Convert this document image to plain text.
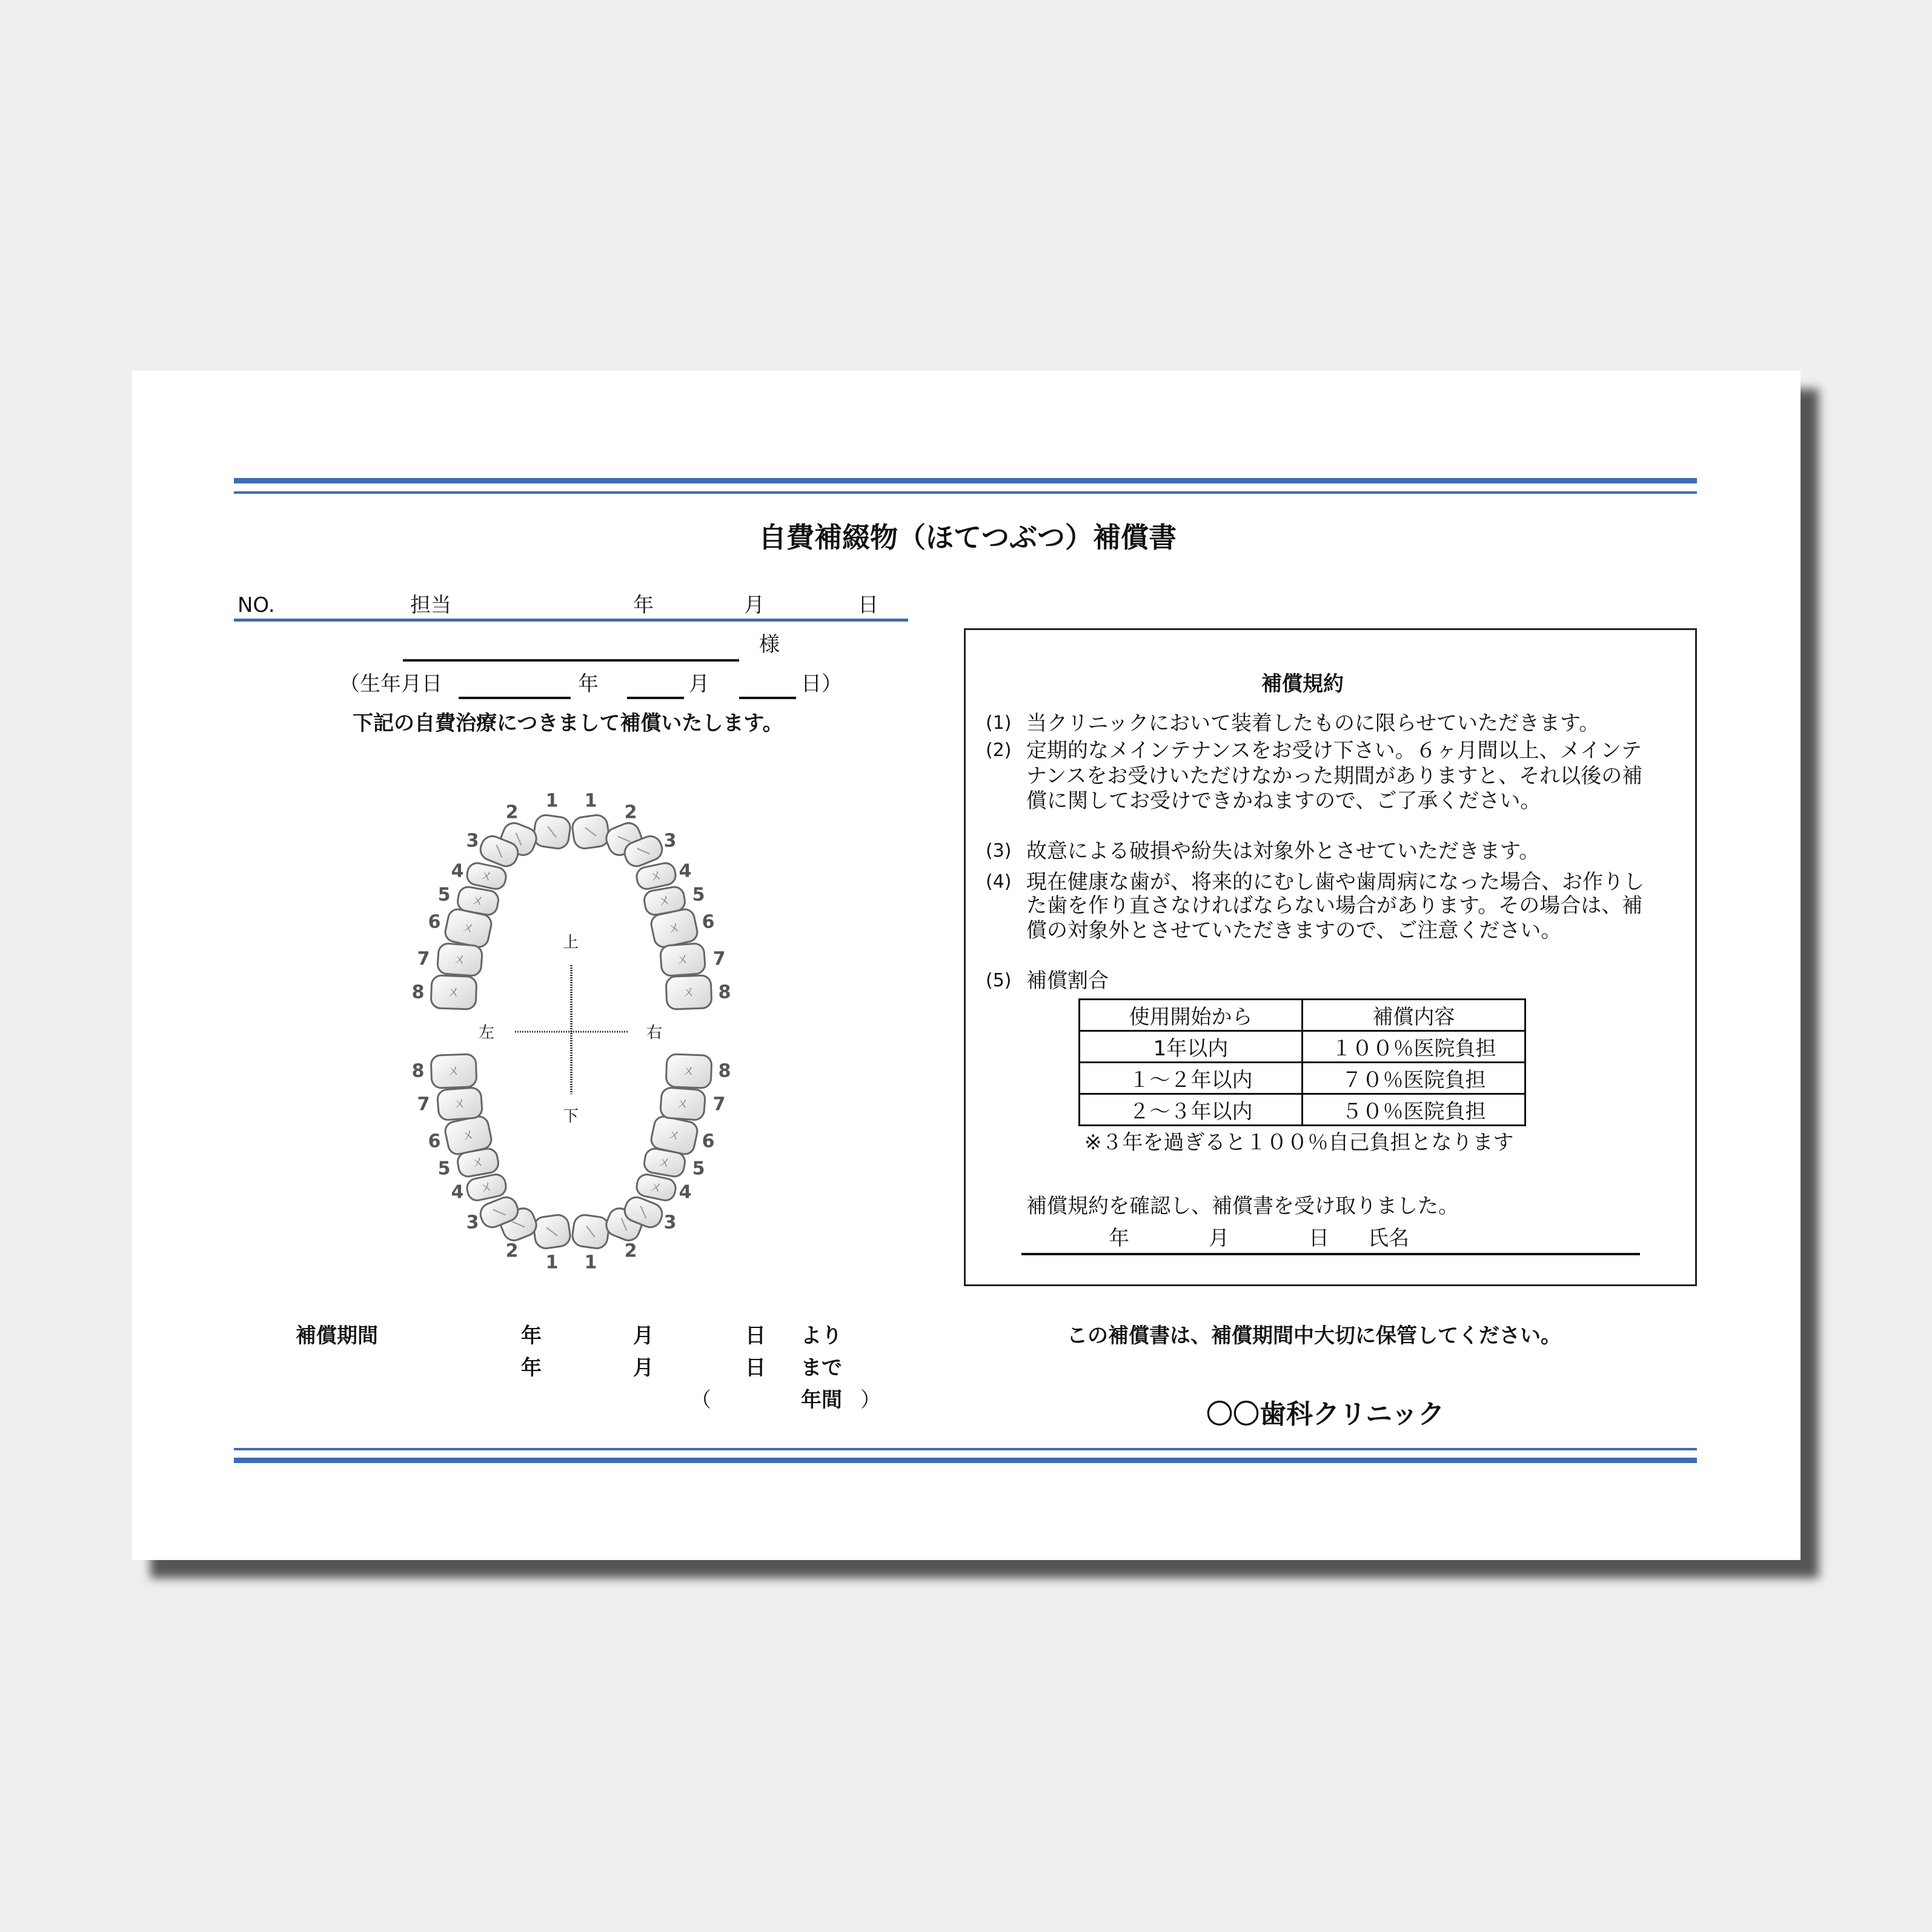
自費補綴物（ほてつぶつ）補償書
NO.	担当	年	月	日
様
（生年月日	年	月	日）
下記の自費治療につきまして補償いたします。
1
2
3
ㄨ
4
ㄨ
5
ㄨ
6
ㄨ
7
ㄨ
8
1
2
3
ㄨ 4
ㄨ 5
ㄨ 6
ㄨ 7
ㄨ 8
1
2
3
ㄨ
4
ㄨ
5
ㄨ
6
ㄨ
7
ㄨ
8
1
2
3
ㄨ 4
ㄨ 5
ㄨ 6
ㄨ 7
ㄨ 8
上
下
左	右
補償規約
(1) 当クリニックにおいて装着したものに限らせていただきます。
(2) 定期的なメインテナンスをお受け下さい。６ヶ月間以上、メインテ
ナンスをお受けいただけなかった期間がありますと、それ以後の補
償に関してお受けできかねますので、ご了承ください。
(3) 故意による破損や紛失は対象外とさせていただきます。
(4) 現在健康な歯が、将来的にむし歯や歯周病になった場合、お作りし
た歯を作り直さなければならない場合があります。その場合は、補
償の対象外とさせていただきますので、ご注意ください。
(5) 補償割合
使用開始から	補償内容
1年以内	１００％医院負担
１～２年以内	７０％医院負担
２～３年以内	５０％医院負担
※３年を過ぎると１００％自己負担となります
補償規約を確認し、補償書を受け取りました。
年	月	日 氏名
補償期間	年	月	日 より
年	月	日 まで
（	年間 ）
この補償書は、補償期間中大切に保管してください。
〇〇歯科クリニック
